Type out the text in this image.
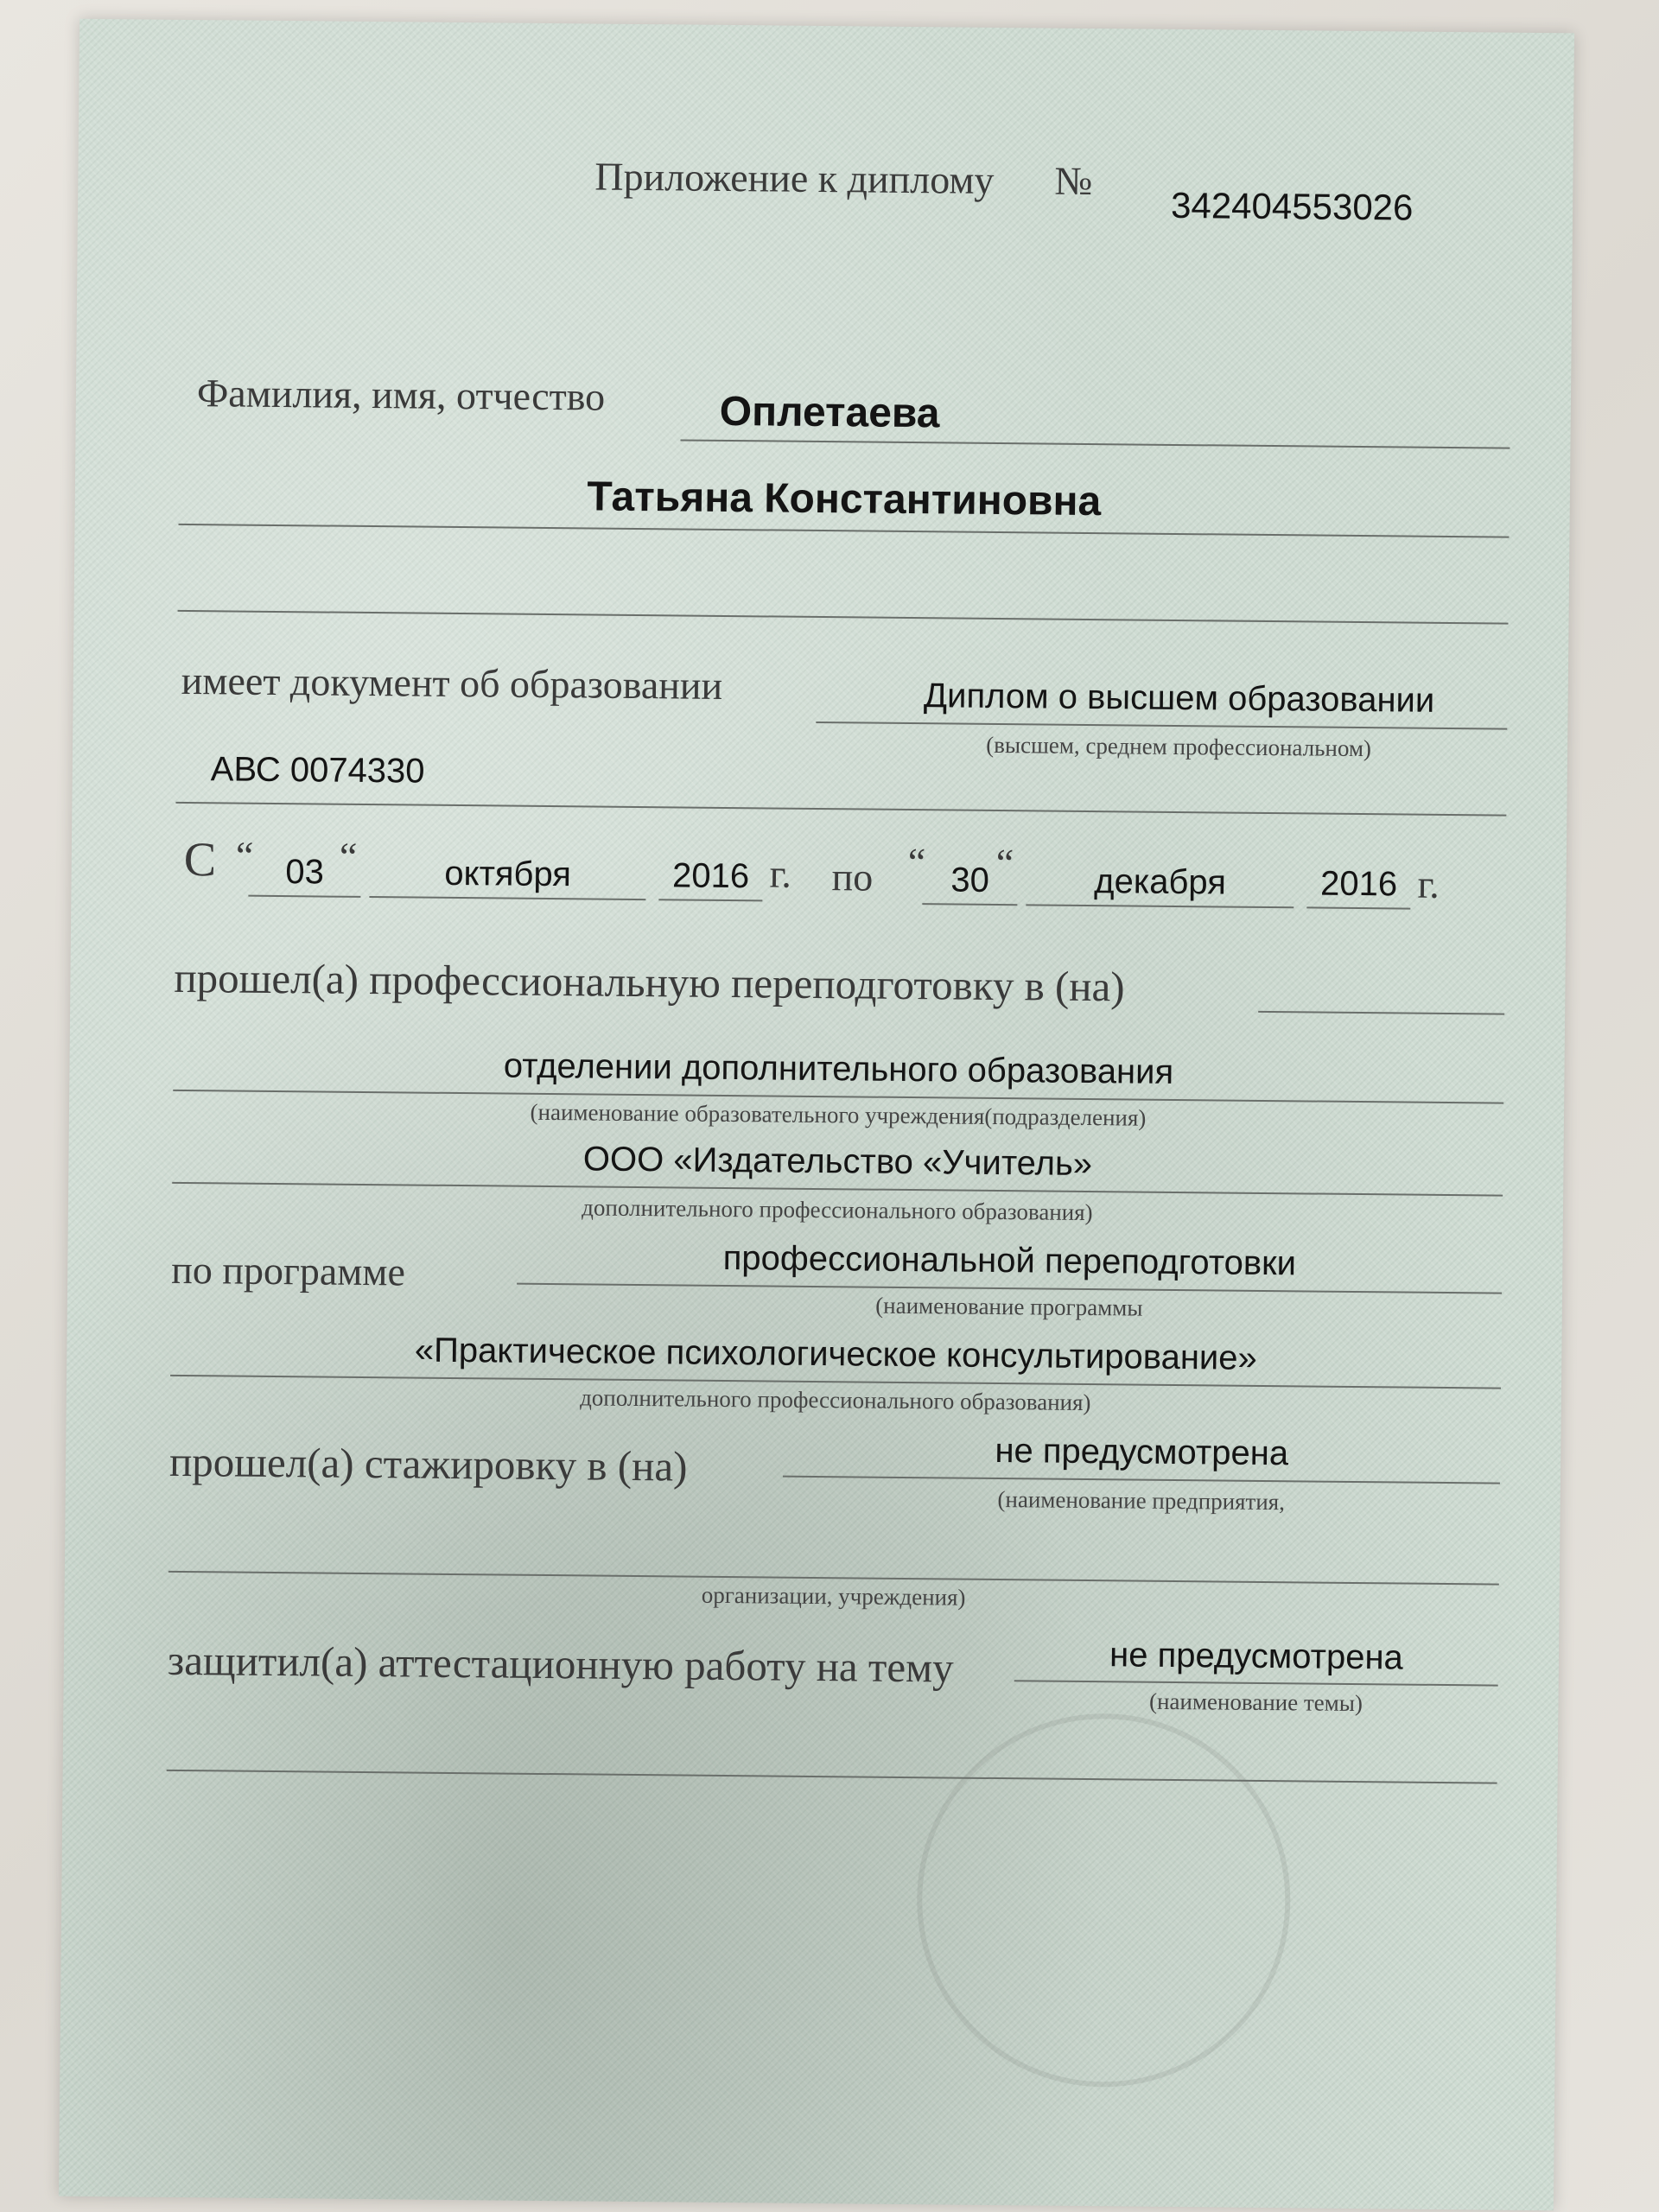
Приложение к диплому №
342404553026
Фамилия, имя, отчество	Оплетаева
Татьяна Константиновна
имеет документ об образовании	Диплом о высшем образовании
(высшем, среднем профессиональном)
АВС 0074330
С “ 03 “	октября	2016 г. по “ 30 “	декабря	2016 г.
прошел(а) профессиональную переподготовку в (на)
отделении дополнительного образования
(наименование образовательного учреждения(подразделения)
ООО «Издательство «Учитель»
дополнительного профессионального образования)
по программе	профессиональной переподготовки
(наименование программы
«Практическое психологическое консультирование»
дополнительного профессионального образования)
прошел(а) стажировку в (на)	не предусмотрена
(наименование предприятия,
организации, учреждения)
защитил(а) аттестационную работу на тему	не предусмотрена
(наименование темы)
